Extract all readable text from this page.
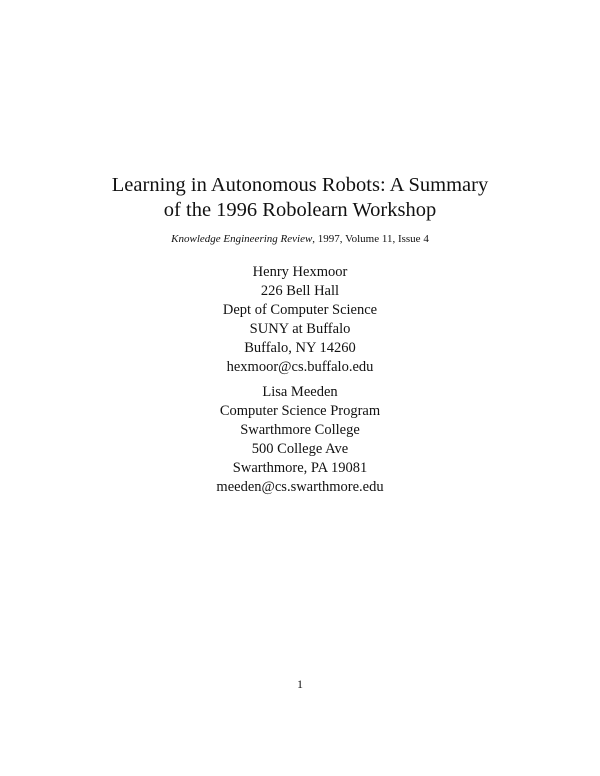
Learning in Autonomous Robots: A Summary
of the 1996 Robolearn Workshop
Knowledge Engineering Review, 1997, Volume 11, Issue 4
Henry Hexmoor
226 Bell Hall
Dept of Computer Science
SUNY at Buffalo
Buffalo, NY 14260
hexmoor@cs.buffalo.edu
Lisa Meeden
Computer Science Program
Swarthmore College
500 College Ave
Swarthmore, PA 19081
meeden@cs.swarthmore.edu
1
